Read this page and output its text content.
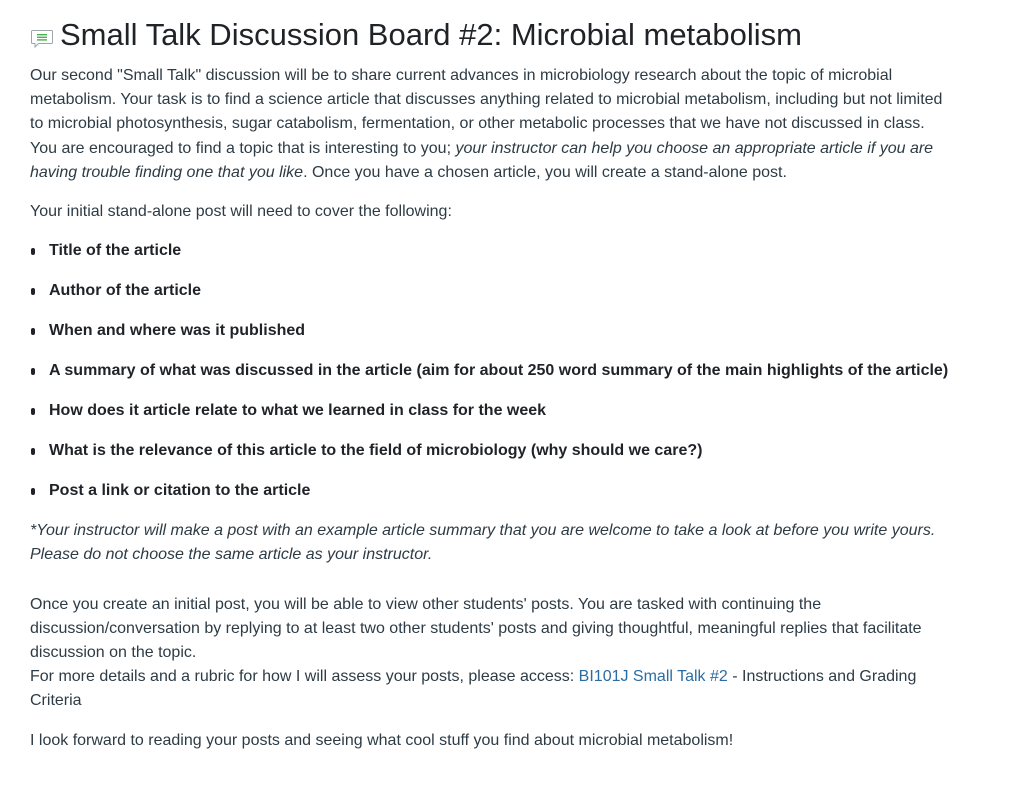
Small Talk Discussion Board #2: Microbial metabolism

Our second "Small Talk" discussion will be to share current advances in microbiology research about the topic of microbial metabolism. Your task is to find a science article that discusses anything related to microbial metabolism, including but not limited to microbial photosynthesis, sugar catabolism, fermentation, or other metabolic processes that we have not discussed in class. You are encouraged to find a topic that is interesting to you; your instructor can help you choose an appropriate article if you are having trouble finding one that you like. Once you have a chosen article, you will create a stand-alone post.

Your initial stand-alone post will need to cover the following:

Title of the article
Author of the article
When and where was it published
A summary of what was discussed in the article (aim for about 250 word summary of the main highlights of the article)
How does it article relate to what we learned in class for the week
What is the relevance of this article to the field of microbiology (why should we care?)
Post a link or citation to the article

*Your instructor will make a post with an example article summary that you are welcome to take a look at before you write yours. Please do not choose the same article as your instructor.

Once you create an initial post, you will be able to view other students' posts. You are tasked with continuing the discussion/conversation by replying to at least two other students' posts and giving thoughtful, meaningful replies that facilitate discussion on the topic.

For more details and a rubric for how I will assess your posts, please access: BI101J Small Talk #2 - Instructions and Grading Criteria

I look forward to reading your posts and seeing what cool stuff you find about microbial metabolism!
